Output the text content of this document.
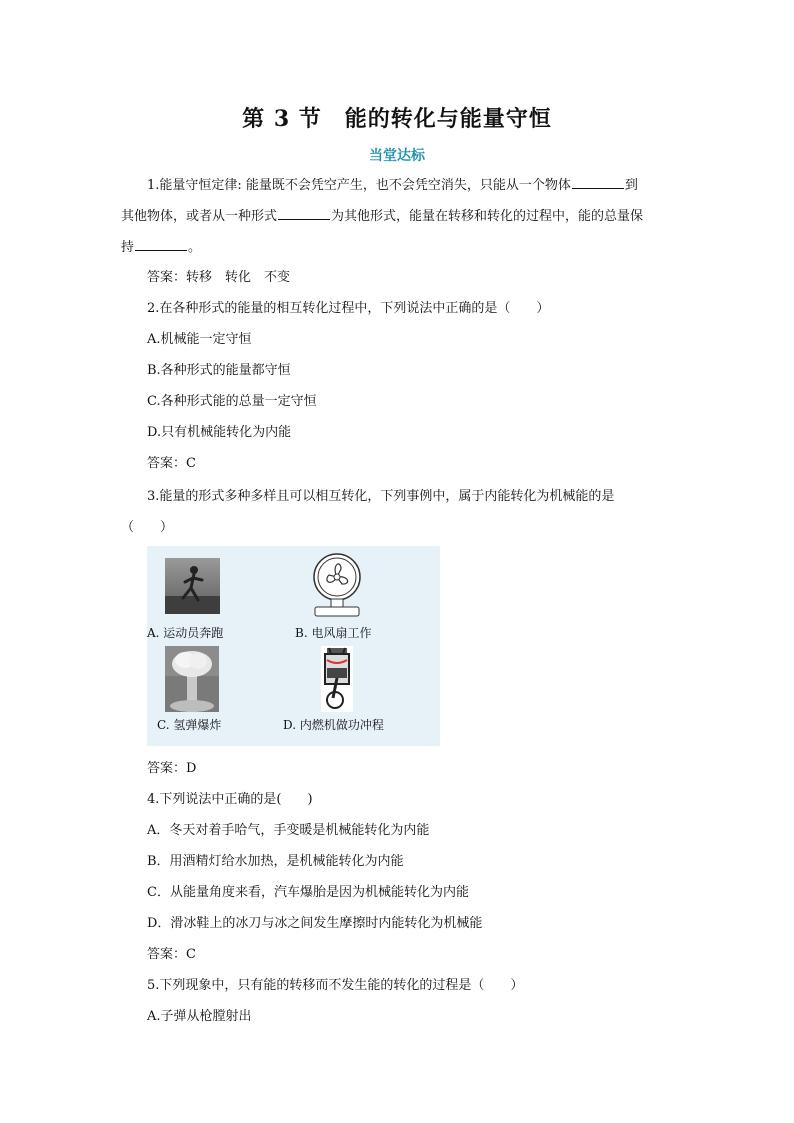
第 3 节　能的转化与能量守恒
当堂达标
1.能量守恒定律: 能量既不会凭空产生，也不会凭空消失，只能从一个物体	到
其他物体，或者从一种形式	为其他形式，能量在转移和转化的过程中，能的总量保
持	。
答案：转移　转化　不变
2.在各种形式的能量的相互转化过程中，下列说法中正确的是（　　）
A.机械能一定守恒
B.各种形式的能量都守恒
C.各种形式能的总量一定守恒
D.只有机械能转化为内能
答案：C
3.能量的形式多种多样且可以相互转化，下列事例中，属于内能转化为机械能的是
（　　）
A. 运动员奔跑	B. 电风扇工作
C. 氢弹爆炸	D. 内燃机做功冲程
答案：D
4.下列说法中正确的是(　　)
A．冬天对着手哈气，手变暖是机械能转化为内能
B．用酒精灯给水加热，是机械能转化为内能
C．从能量角度来看，汽车爆胎是因为机械能转化为内能
D．滑冰鞋上的冰刀与冰之间发生摩擦时内能转化为机械能
答案：C
5.下列现象中，只有能的转移而不发生能的转化的过程是（　　）
A.子弹从枪膛射出
